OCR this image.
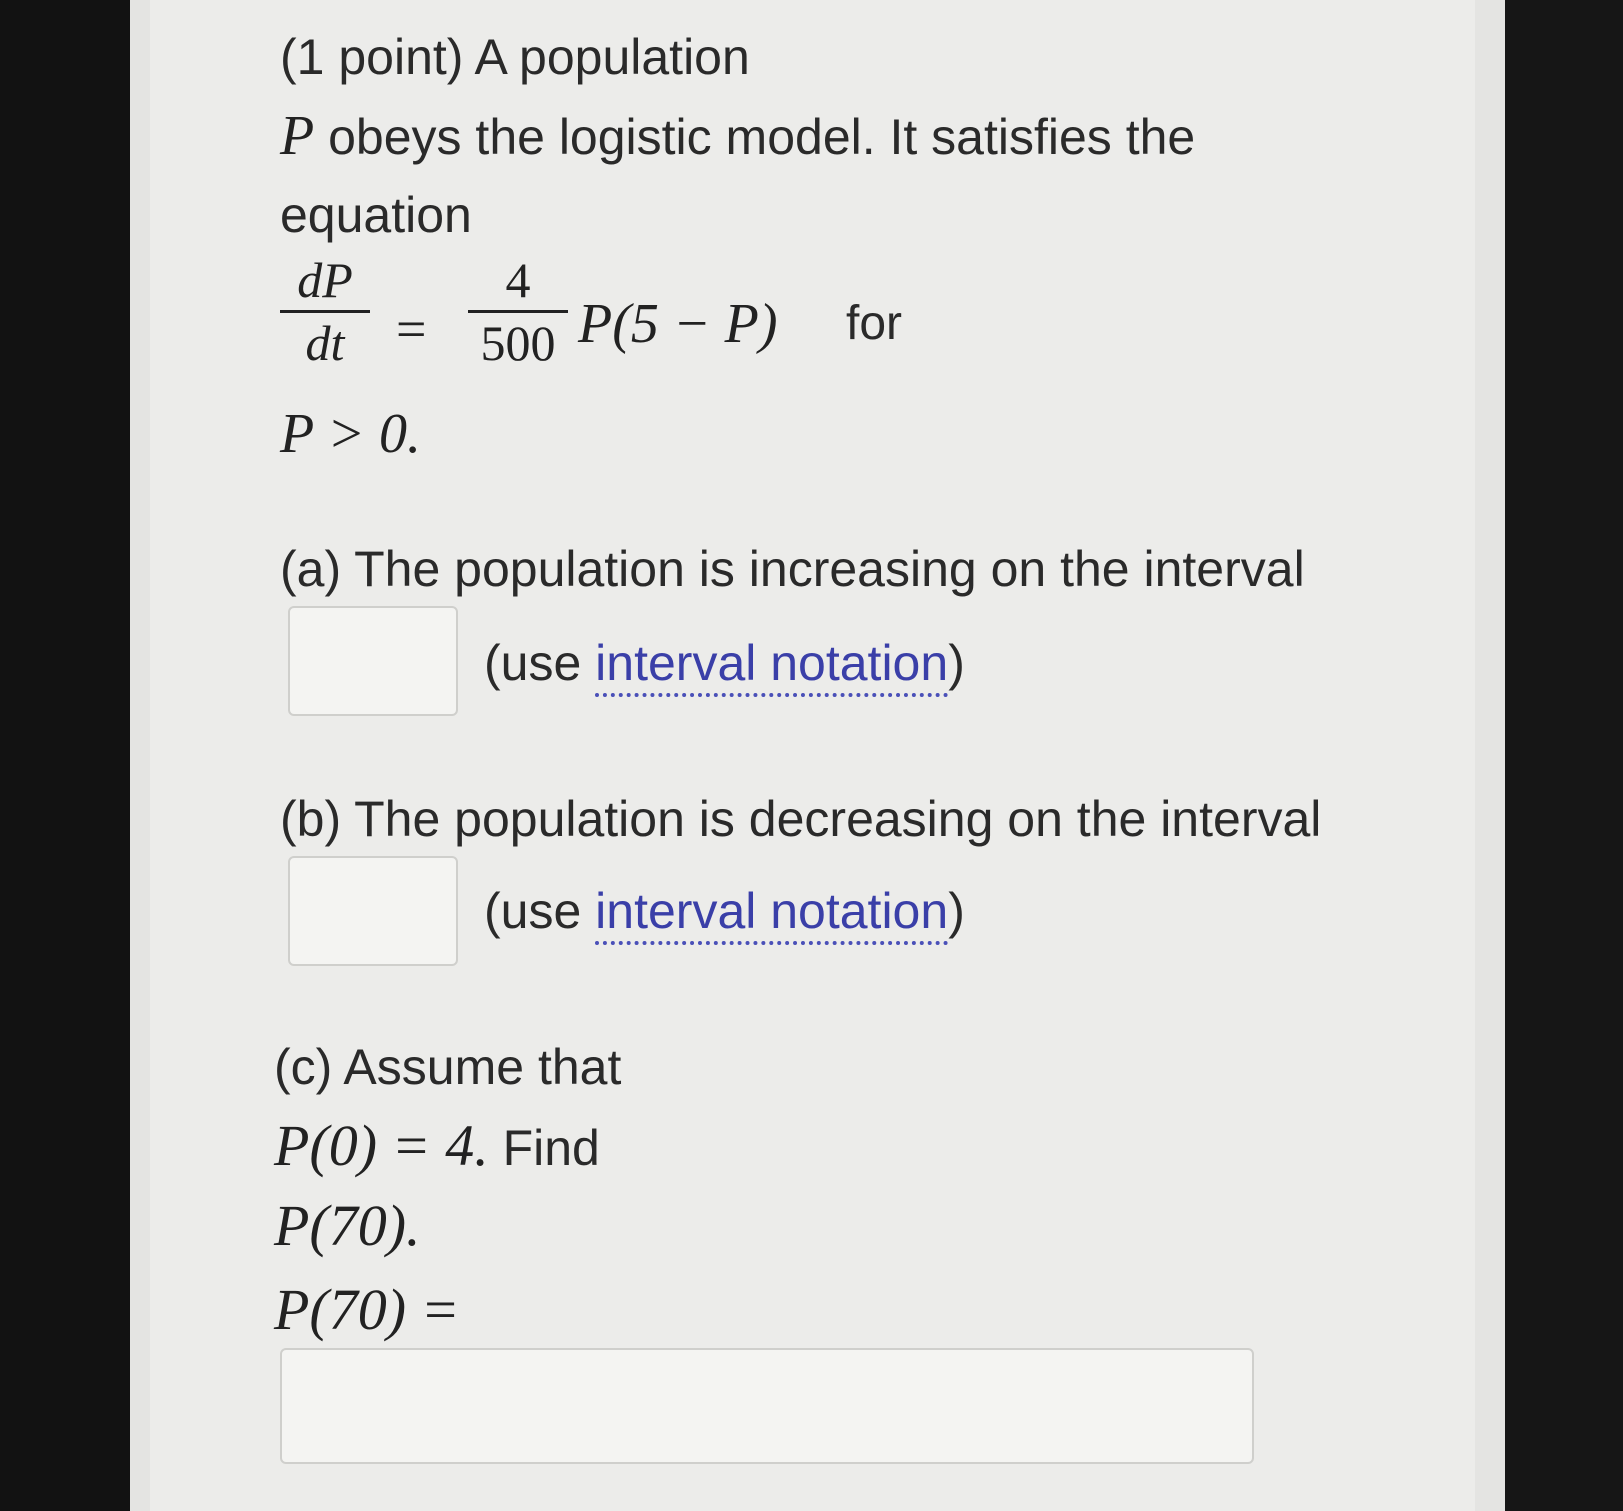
(1 point) A population
P obeys the logistic model. It satisfies the
equation
dP
dt =
4
500 P(5 − P) for
P > 0.
(a) The population is increasing on the interval
(use interval notation)
(b) The population is decreasing on the interval
(use interval notation)
(c) Assume that
P(0) = 4. Find
P(70).
P(70) =
